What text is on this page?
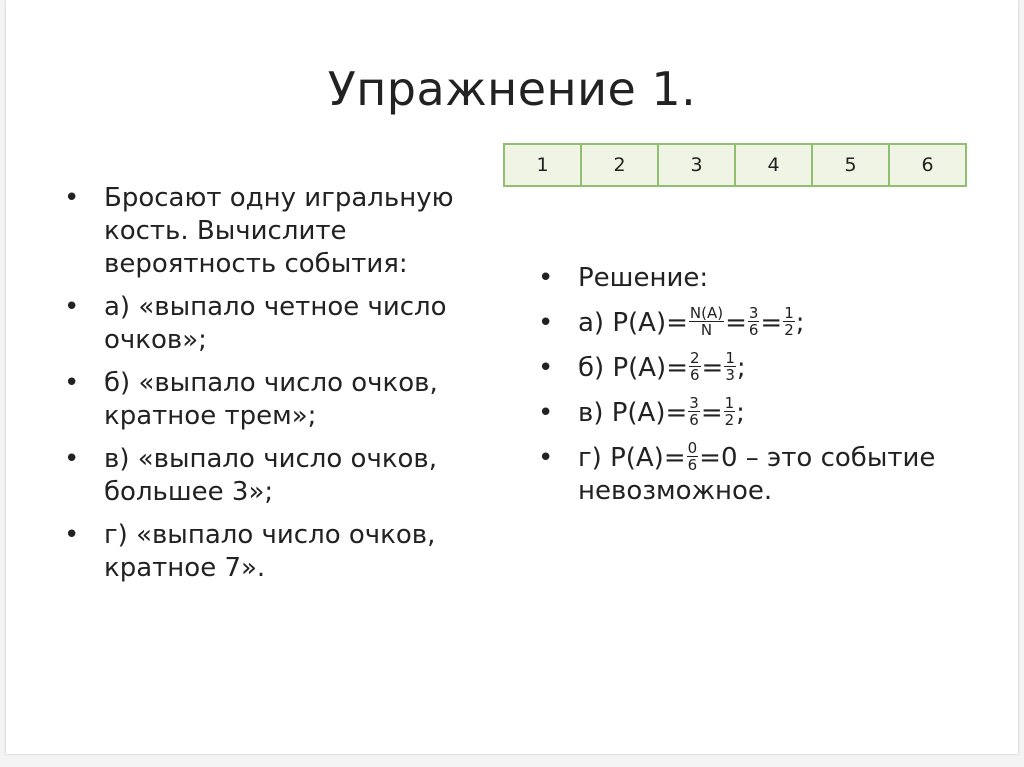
Упражнение 1.
1	2	3	4	5	6
• Бросают одну игральную кость. Вычислите вероятность события:
• а) «выпало четное число очков»;
• б) «выпало число очков, кратное трем»;
• в) «выпало число очков, большее 3»;
• г) «выпало число очков, кратное 7».
• Решение:
• а) $P(A)= \frac{N(A)}{N} = \frac{3}{6} = \frac{1}{2}$ ;
• б) $P(A)= \frac{2}{6} = \frac{1}{3}$ ;
• в) $P(A)= \frac{3}{6} = \frac{1}{2}$ ;
• г) $P(A)= \frac{0}{6} =0$ – это событие невозможное.
